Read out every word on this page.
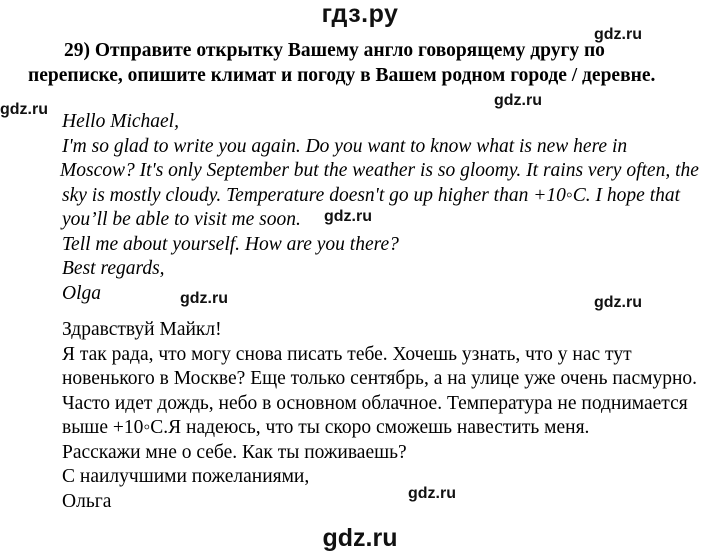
гдз.ру
gdz.ru
gdz.ru
gdz.ru
gdz.ru
gdz.ru	gdz.ru
gdz.ru
29) Отправите открытку Вашему англо говорящему другу по
переписке, опишите климат и погоду в Вашем родном городе / деревне.
Hello Michael,
I'm so glad to write you again. Do you want to know what is new here in
Moscow? It's only September but the weather is so gloomy. It rains very often, the
sky is mostly cloudy. Temperature doesn't go up higher than +10◦C. I hope that
you’ll be able to visit me soon.
Tell me about yourself. How are you there?
Best regards,
Olga
Здравствуй Майкл!
Я так рада, что могу снова писать тебе. Хочешь узнать, что у нас тут
новенького в Москве? Еще только сентябрь, а на улице уже очень пасмурно.
Часто идет дождь, небо в основном облачное. Температура не поднимается
выше +10◦С.Я надеюсь, что ты скоро сможешь навестить меня.
Расскажи мне о себе. Как ты поживаешь?
С наилучшими пожеланиями,
Ольга
gdz.ru
